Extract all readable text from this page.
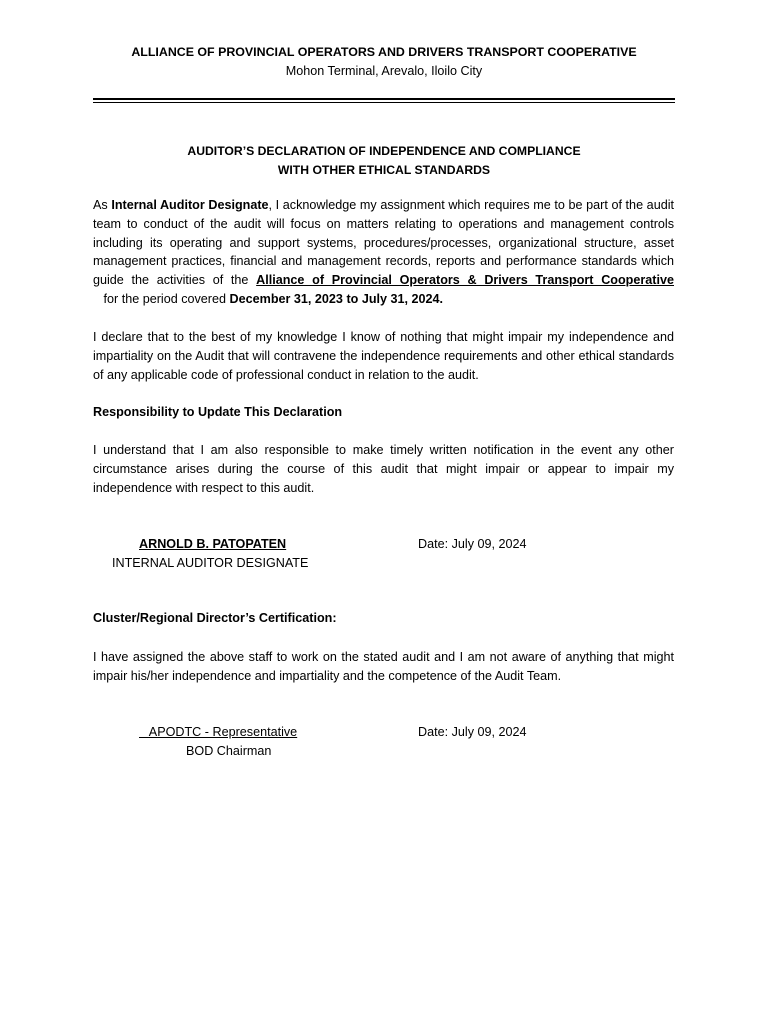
ALLIANCE OF PROVINCIAL OPERATORS AND DRIVERS TRANSPORT COOPERATIVE
Mohon Terminal, Arevalo, Iloilo City
AUDITOR’S DECLARATION OF INDEPENDENCE AND COMPLIANCE
WITH OTHER ETHICAL STANDARDS
As Internal Auditor Designate, I acknowledge my assignment which requires me to be part of the audit team to conduct of the audit will focus on matters relating to operations and management controls including its operating and support systems, procedures/processes, organizational structure, asset management practices, financial and management records, reports and performance standards which guide the activities of the Alliance of Provincial Operators & Drivers Transport Cooperative   for the period covered December 31, 2023 to July 31, 2024.
I declare that to the best of my knowledge I know of nothing that might impair my independence and impartiality on the Audit that will contravene the independence requirements and other ethical standards of any applicable code of professional conduct in relation to the audit.
Responsibility to Update This Declaration
I understand that I am also responsible to make timely written notification in the event any other circumstance arises during the course of this audit that might impair or appear to impair my independence with respect to this audit.
ARNOLD B. PATOPATEN
INTERNAL AUDITOR DESIGNATE
Date: July 09, 2024
Cluster/Regional Director’s Certification:
I have assigned the above staff to work on the stated audit and I am not aware of anything that might impair his/her independence and impartiality and the competence of the Audit Team.
APODTC - Representative
BOD Chairman
Date: July 09, 2024
